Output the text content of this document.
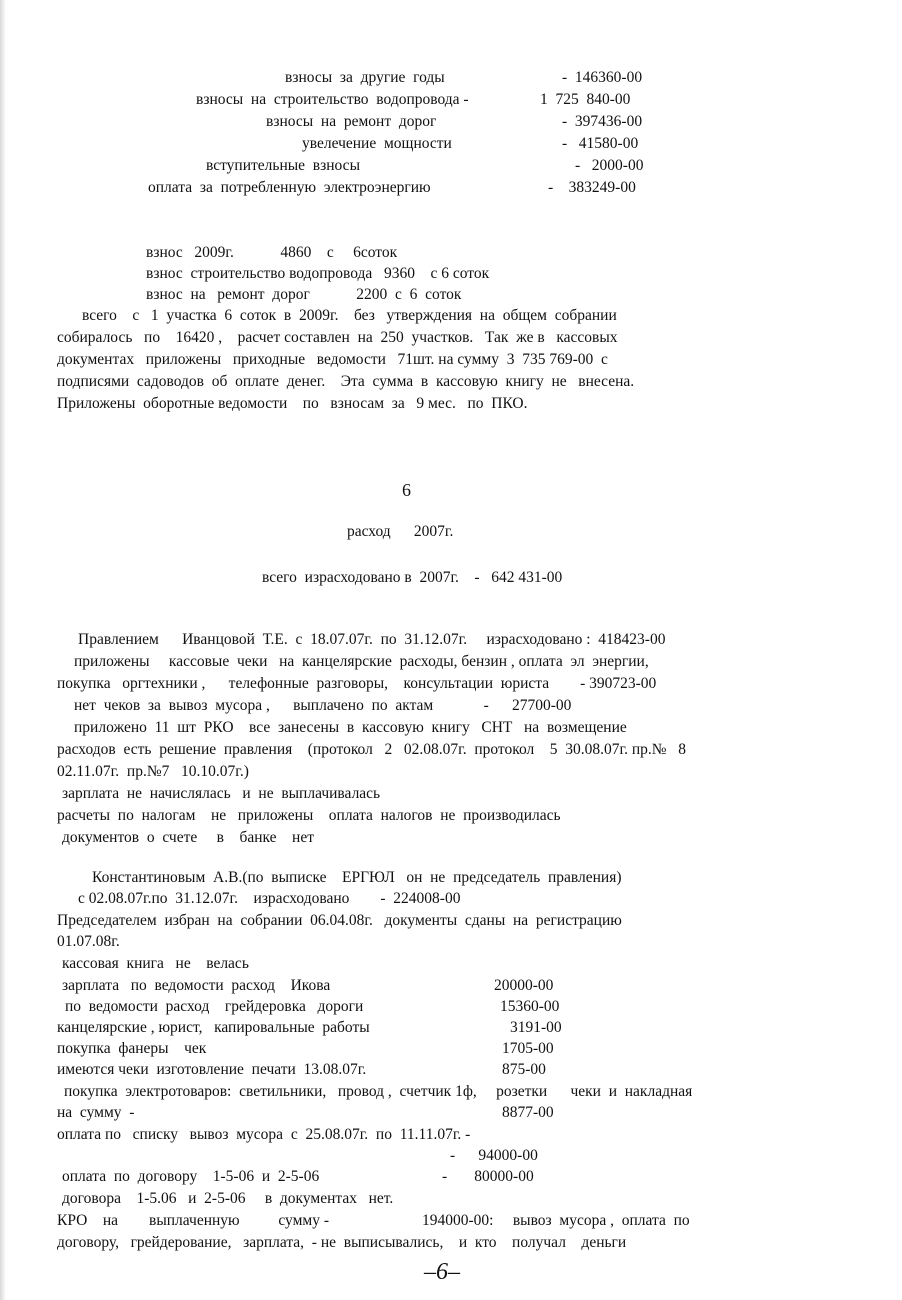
взносы  за  другие  годы	-  146360-00
взносы  на  строительство  водопровода -	1  725  840-00
взносы  на  ремонт  дорог	-  397436-00
увелечение  мощности	-   41580-00
вступительные  взносы	-   2000-00
оплата  за  потребленную  электроэнергию	-    383249-00
взнос   2009г.            4860    с     6соток
взнос  строительство водопровода   9360    с 6 соток
взнос  на   ремонт  дорог            2200  с  6  соток
всего    с   1  участка  6  соток  в  2009г.    без   утверждения  на  общем  собрании
собиралось   по    16420 ,    расчет составлен  на  250  участков.   Так  же в   кассовых
документах   приложены   приходные   ведомости   71шт. на сумму  3  735 769-00  с
подписями  садоводов  об  оплате  денег.    Эта  сумма  в  кассовую  книгу  не   внесена.
Приложены  оборотные ведомости    по   взносам  за   9 мес.   по  ПКО.
6
расход      2007г.
всего  израсходовано в  2007г.    -   642 431-00
Правлением      Иванцовой  Т.Е.  с  18.07.07г.  по  31.12.07г.     израсходовано :  418423-00
приложены     кассовые  чеки   на  канцелярские  расходы, бензин , оплата  эл  энергии,
покупка   оргтехники ,      телефонные  разговоры,    консультации  юриста        - 390723-00
нет  чеков  за  вывоз  мусора ,      выплачено  по  актам             -      27700-00
приложено  11  шт  РКО    все  занесены  в  кассовую  книгу   СНТ   на  возмещение
расходов  есть  решение  правления    (протокол   2   02.08.07г.  протокол    5  30.08.07г. пр.№   8
02.11.07г.  пр.№7   10.10.07г.)
зарплата  не  начислялась   и  не  выплачивалась
расчеты  по  налогам    не   приложены    оплата  налогов  не  производилась
документов  о  счете     в    банке    нет
Константиновым  А.В.(по  выписке    ЕРГЮЛ   он  не  председатель  правления)
с 02.08.07г.по  31.12.07г.    израсходовано        -  224008-00
Председателем  избран  на  собрании  06.04.08г.   документы  сданы  на  регистрацию
01.07.08г.
кассовая  книга   не    велась
зарплата   по  ведомости  расход    Икова	20000-00
по  ведомости  расход    грейдеровка   дороги	15360-00
канцелярские , юрист,   капировальные  работы	3191-00
покупка  фанеры    чек	1705-00
имеются чеки  изготовление  печати  13.08.07г.	875-00
покупка  электротоваров:  светильники,   провод ,  счетчик 1ф,     розетки      чеки  и  накладная
на  сумму  -	8877-00
оплата по   списку   вывоз  мусора  с  25.08.07г.  по  11.11.07г. -
-      94000-00
оплата  по  договору    1-5-06  и  2-5-06	-       80000-00
договора    1-5.06   и  2-5-06     в  документах   нет.
КРО    на        выплаченную          сумму -                        194000-00:     вывоз  мусора ,  оплата  по
договору,   грейдерование,   зарплата,  - не  выписывались,    и  кто    получал    деньги
–6–
